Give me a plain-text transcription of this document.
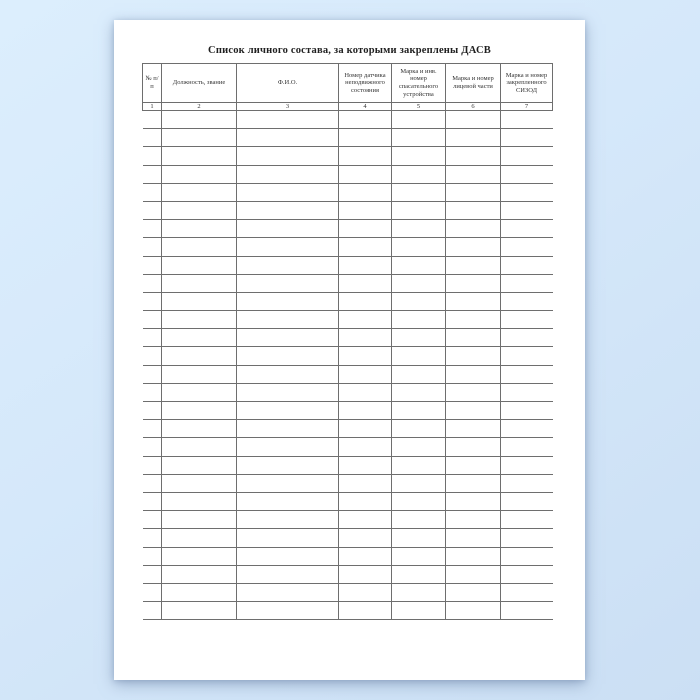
Список личного состава, за которыми закреплены ДАСВ
№ п/п	Должность, звание	Ф.И.О.	Номер датчика неподвижного состояния	Марка и инв. номер спасательного устройства	Марка и номер лицевой части	Марка и номер закрепленного СИЗОД
1	2	3	4	5	6	7
